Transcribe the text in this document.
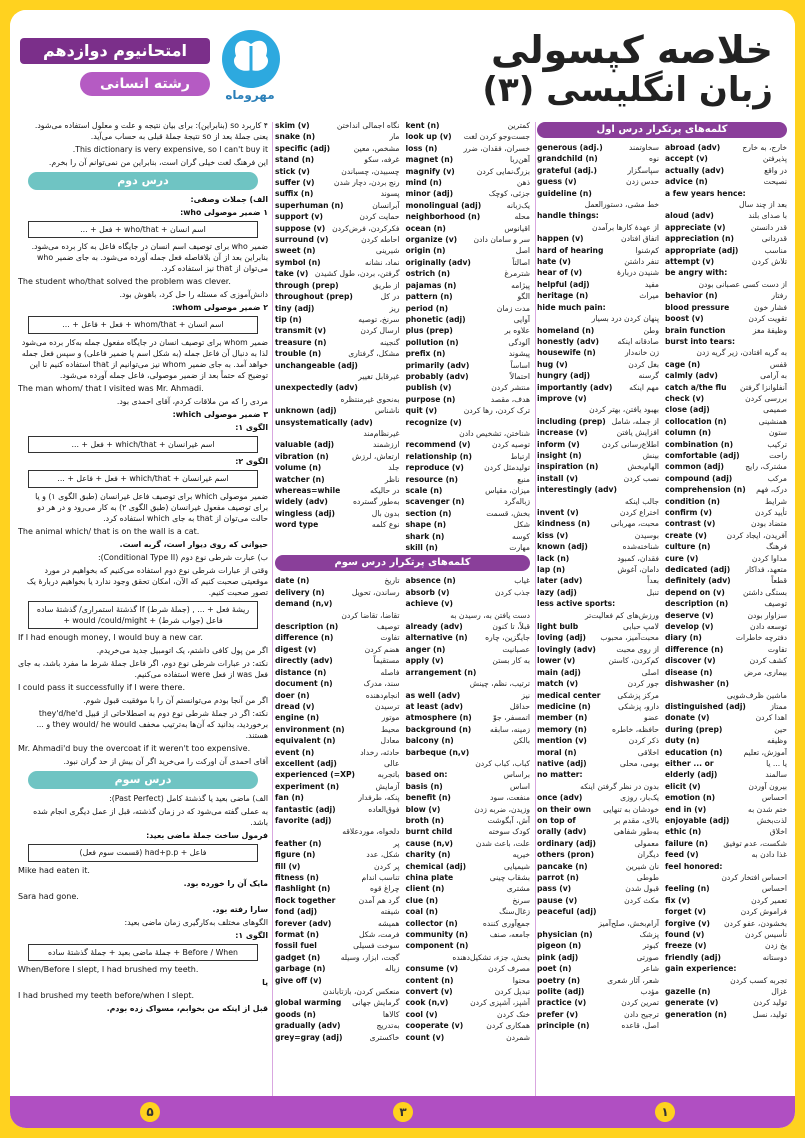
خلاصه کپسولی
زبان انگلیسی (۳)
امتحانیوم دوازدهم
رشته انسانی
مهروماه
کلمه‌های پرتکرار درس اول
abroad (adv)	خارج، به خارج
accept (v)	پذیرفتن
actually (adv)	در واقع
advice (n)	نصیحت
a few years hence:
بعد از چند سال
aloud (adv)	با صدای بلند
appreciate (v)	قدر دانستن
appreciation (n)	قدردانی
appropriate (adj)	مناسب
attempt (v)	تلاش کردن
be angry with:
از دست کسی عصبانی بودن
behavior (n)	رفتار
blood pressure	فشار خون
boost (v)	تقویت کردن
brain function	وظیفهٔ مغز
burst into tears:
به گریه افتادن، زیر گریه زدن
cage (n)	قفس
calmly (adv)	به آرامی
catch a/the flu آنفلوانزا گرفتن
check (v)	بررسی کردن
close (adj)	صمیمی
collocation (n)	همنشینی
column (n)	ستون
combination (n)	ترکیب
comfortable (adj)	راحت
common (adj)	مشترک، رایج
compound (adj)	مرکب
comprehension (n) درک، فهم
condition (n)	شرایط
confirm (v)	تأیید کردن
contrast (v)	متضاد بودن
create (v)	آفریدن، ایجاد کردن
culture (n)	فرهنگ
cure (v)	مداوا کردن
dedicated (adj) متعهد، فداکار
definitely (adv)	قطعاً
depend on (v) بستگی داشتن
description (n)	توصیف
deserve (v)	سزاوار بودن
develop (v)	توسعه دادن
diary (n)	دفترچه خاطرات
difference (n)	تفاوت
discover (v)	کشف کردن
disease (n)	بیماری، مرض
dishwasher (n)
ماشین ظرف‌شویی
distinguished (adj)	ممتاز
donate (v)	اهدا کردن
during (prep)	حین
duty (n)	وظیفه
education (n)	آموزش، تعلیم
either ... or	یا ... یا
elderly (adj)	سالمند
elicit (v)	بیرون آوردن
emotion (n)	احساس
end in (v)	ختم شدن به
enjoyable (adj)	لذت‌بخش
ethic (n)	اخلاق
failure (n) شکست، عدم توفیق
feed (v)	غذا دادن به
feel honored:
احساس افتخار کردن
feeling (n)	احساس
fix (v)	تعمیر کردن
forget (v)	فراموش کردن
forgive (v) بخشودن، عفو کردن
found (v)	تأسیس کردن
freeze (v)	یخ زدن
friendly (adj)	دوستانه
gain experience:
تجربه کسب کردن
gazelle (n)	غزال
generate (v)	تولید کردن
generation (n)	تولید، نسل
generous (adj.)	سخاوتمند
grandchild (n)	نوه
grateful (adj.)	سپاسگزار
guess (v)	حدس زدن
guideline (n)
خط مشی، دستورالعمل
handle things:
از عهدهٔ کارها برآمدن
happen (v)	اتفاق افتادن
hard of hearing	کم‌شنوا
hate (v)	تنفر داشتن
hear of (v)	شنیدن دربارهٔ
helpful (adj)	مفید
heritage (n)	میراث
hide much pain:
پنهان کردن درد بسیار
homeland (n)	وطن
honestly (adv) صادقانه اینکه
housewife (n)	زن خانه‌دار
hug (v)	بغل کردن
hungry (adj)	گرسنه
importantly (adv) مهم اینکه
improve (v)
بهبود یافتن، بهتر کردن
including (prep) از جمله، شامل
increase (v)	افزایش یافتن
inform (v)	اطلاع‌رسانی کردن
insight (n)	بینش
inspiration (n)	الهام‌بخش
install (v)	نصب کردن
interestingly (adv)
جالب اینکه
invent (v)	اختراع کردن
kindness (n)	محبت، مهربانی
kiss (v)	بوسیدن
known (adj)	شناخته‌شده
lack (n)	فقدان، کمبود
lap (n)	دامان، آغوش
later (adv)	بعداً
lazy (adj)	تنبل
less active sports:
ورزش‌های کم فعالیت‌تر
light bulb	لامپ حبابی
loving (adj) محبت‌آمیز، محبوب
lovingly (adv)	از روی محبت
lower (v)	کم‌کردن، کاستن
main (adj)	اصلی
match (v)	جور کردن
medical center مرکز پزشکی
medicine (n)	دارو، پزشکی
member (n)	عضو
memory (n)	حافظه، خاطره
mention (v)	ذکر کردن
moral (n)	اخلاقی
native (adj)	بومی، محلی
no matter:
بدون در نظر گرفتن اینکه
once (adv)	یک‌بار، روزی
on their own خودشان به تنهایی
on top of	بالای، مقدم بر
orally (adv)	به‌طور شفاهی
ordinary (adj)	معمولی
others (pron)	دیگران
pancake (n)	نان شیرین
parrot (n)	طوطی
pass (v)	قبول شدن
pause (v)	مکث کردن
peaceful (adj)
آرام‌بخش، صلح‌آمیز
physician (n)	پزشک
pigeon (n)	کبوتر
pink (adj)	صورتی
poet (n)	شاعر
poetry (n)	شعر، آثار شعری
polite (adj)	مؤدب
practice (v)	تمرین کردن
prefer (v)	ترجیح دادن
principle (n)	اصل، قاعده
kent (n)	کمترین
look up (v) جست‌وجو کردن لغت
loss (n)	خسران، فقدان، ضرر
magnet (n)	آهن‌ربا
magnify (v)	بزرگ‌نمایی کردن
mind (n)	ذهن
minor (adj)	جزئی، کوچک
monolingual (adj)	یک‌زبانه
neighborhood (n)	محله
ocean (n)	اقیانوس
organize (v) سر و سامان دادن
origin (n)	اصل
originally (adv)	اصالتاً
ostrich (n)	شترمرغ
pajamas (n)	پیژامه
pattern (n)	الگو
period (n)	مدت زمان
phonetic (adj)	آوایی
plus (prep)	علاوه بر
pollution (n)	آلودگی
prefix (n)	پیشوند
primarily (adv)	اساساً
probably (adv)	احتمالاً
publish (v)	منتشر کردن
purpose (n)	هدف، مقصد
quit (v)	ترک کردن، رها کردن
recognize (v)
شناختن، تشخیص دادن
recommend (v)	توصیه کردن
relationship (n)	ارتباط
reproduce (v)	تولیدمثل کردن
resource (n)	منبع
scale (n)	میزان، مقیاس
scavenger (n)	زباله‌گرد
section (n)	بخش، قسمت
shape (n)	شکل
shark (n)	کوسه
skill (n)	مهارت
skim (v)	نگاه اجمالی انداختن
snake (n)	مار
specific (adj)	مشخص، معین
stand (n)	غرفه، سکو
stick (v)	چسبیدن، چسباندن
suffer (v)	رنج بردن، دچار شدن
suffix (n)	پسوند
superhuman (n)	آبرانسان
support (v)	حمایت کردن
suppose (v) فکرکردن، فرض‌کردن
surround (v)	احاطه کردن
sweet (n)	شیرینی
symbol (n)	نماد، نشانه
take (v) گرفتن، بردن، طول کشیدن
through (prep)	از طریق
throughout (prep)	در کل
tiny (adj)	ریز
tip (n)	سرنخ، توصیه
transmit (v)	ارسال کردن
treasure (n)	گنجینه
trouble (n)	مشکل، گرفتاری
unchangeable (adj)
غیرقابل تغییر
unexpectedly (adv)
به‌نحوی غیرمنتظره
unknown (adj)	ناشناس
unsystematically (adv)
غیرنظام‌مند
valuable (adj)	ارزشمند
vibration (n)	ارتعاش، لرزش
volume (n)	جلد
watcher (n)	ناظر
whereas=while	در حالیکه
widely (adv)	به‌طور گسترده
wingless (adj)	بدون بال
word type	نوع کلمه
کلمه‌های پرتکرار درس سوم
absence (n)	غیاب
absorb (v)	جذب کردن
achieve (v)
دست یافتن به، رسیدن به
already (adv)	قبلاً، تا کنون
alternative (n) جایگزین، چاره
anger (n)	عصبانیت
apply (v)	به کار بستن
arrangement (n)
ترتیب، نظم، چینش
as well (adv)	نیز
at least (adv)	حداقل
atmosphere (n)	اتمسفر، جوّ
background (n) زمینه، سابقه
balcony (n)	بالکن
barbeque (n,v)
کباب، کباب کردن
based on:	براساس
basis (n)	اساس
benefit (n)	منفعت، سود
blow (v)	وزیدن، ضربه زدن
broth (n)	آش، آبگوشت
burnt child	کودک سوخته
cause (n,v)	علت، باعث شدن
charity (n)	خیریه
chemical (adj)	شیمیایی
china plate	بشقاب چینی
client (n)	مشتری
clue (n)	سرنخ
coal (n)	زغال‌سنگ
collector (n)	جمع‌آوری کننده
community (n)	جامعه، صنف
component (n)
بخش، جزء، تشکیل‌دهنده
consume (v)	مصرف کردن
content (n)	محتوا
convert (v)	تبدیل کردن
cook (n,v)	آشپز، آشپزی کردن
cool (v)	خنک کردن
cooperate (v)	همکاری کردن
count (v)	شمردن
date (n)	تاریخ
delivery (n)	رساندن، تحویل
demand (n,v)
تقاضا، تقاضا کردن
description (n)	توصیف
difference (n)	تفاوت
digest (v)	هضم کردن
directly (adv)	مستقیماً
distance (n)	فاصله
document (n)	سند، مدرک
doer (n)	انجام‌دهنده
dread (v)	ترسیدن
engine (n)	موتور
environment (n)	محیط
equivalent (n)	معادل
event (n)	حادثه، رخداد
excellent (adj)	عالی
experienced (=XP)	باتجربه
experiment (n)	آزمایش
fan (n)	پنکه، طرفدار
fantastic (adj)	فوق‌العاده
favorite (adj)
دلخواه، موردعلاقه
feather (n)	پر
figure (n)	شکل، عدد
fill (v)	پر کردن
fitness (n)	تناسب اندام
flashlight (n)	چراغ قوه
flock together	گرد هم آمدن
fond (adj)	شیفته
forever (adv)	همیشه
format (n)	فرمت، شکل
fossil fuel	سوخت فسیلی
gadget (n)	گجت، ابزار، وسیله
garbage (n)	زباله
give off (v)
منعکس کردن، بازتاباندن
global warming گرمایش جهانی
goods (n)	کالاها
gradually (adv)	به‌تدریج
grey=gray (adj)	خاکستری
۴ کاربرد so (بنابراین): برای بیان نتیجه و علت و معلول استفاده می‌شود. یعنی جملهٔ بعد از so نتیجهٔ جملهٔ قبلی به حساب می‌آید.
This dictionary is very expensive, so I can't buy it.
این فرهنگ لغت خیلی گران است، بنابراین من نمی‌توانم آن را بخرم.
درس دوم
الف) جملات وصفی:
۱ ضمیر موصولی who:
... + فعل + who/that + اسم انسان
ضمیر who برای توصیف اسم انسان در جایگاه فاعل به کار برده می‌شود. بنابراین بعد از آن بلافاصله فعل جمله آورده می‌شود. به جای ضمیر who می‌توان از that نیز استفاده کرد.
The student who/that solved the problem was clever.
دانش‌آموزی که مسئله را حل کرد، باهوش بود.
۲ ضمیر موصولی whom:
... + فعل + فاعل + whom/that + اسم انسان
ضمیر whom برای توصیف انسان در جایگاه مفعول جمله به‌کار برده می‌شود لذا به دنبال آن فاعل جمله (به شکل اسم یا ضمیر فاعلی) و سپس فعل جمله خواهد آمد. به جای ضمیر whom نیز می‌توانیم از that استفاده کنیم تا این توضیح که حتماً بعد از ضمیر موصولی، فاعل جمله آورده می‌شود.
The man whom/ that I visited was Mr. Ahmadi.
مردی را که من ملاقات کردم، آقای احمدی بود.
۳ ضمیر موصولی which:
الگوی ۱:
... + فعل + which/that + اسم غیرانسان
الگوی ۲:
... + فعل + فاعل + which/that + اسم غیرانسان
ضمیر موصولی which برای توصیف فاعل غیرانسان (طبق الگوی ۱) و یا برای توصیف مفعول غیرانسان (طبق الگوی ۲) به کار می‌رود و در هر دو حالت می‌توان از that به جای which استفاده کرد.
The animal which/ that is on the wall is a cat.
حیوانی که روی دیوار است، گربه است.
ب) عبارت شرطی نوع دوم (Conditional Type II):
وقتی از عبارات شرطی نوع دوم استفاده می‌کنیم که بخواهیم در مورد موقعیتی صحبت کنیم که الآن، امکان تحقق وجود ندارد یا بخواهیم دربارهٔ یک تصور صحبت کنیم.
گذشتهٔ استمراری/ گذشتهٔ ساده If (جملهٔ شرط) , ... + ریشهٔ فعل + would /could/might + فاعل (جواب شرط)
If I had enough money, I would buy a new car.
اگر من پول کافی داشتم، یک اتومبیل جدید می‌خریدم.
نکته: در عبارات شرطی نوع دوم، اگر فاعل جملهٔ شرط ما مفرد باشد، به جای فعل was از فعل were استفاده می‌کنیم.
I could pass it successfully if I were there.
اگر من آنجا بودم می‌توانستم آن را با موفقیت قبول شوم.
نکته: اگر در جملهٔ شرطی نوع دوم به اصطلاحاتی از قبیل they'd/he'd برخوردید، بدانید که آن‌ها به‌ترتیب مخفف they would/ he would و ... هستند.
Mr. Ahmadi'd buy the overcoat if it weren't too expensive.
آقای احمدی آن اورکت را می‌خرید اگر آن بیش از حد گران نبود.
درس سوم
الف) ماضی بعید یا گذشتهٔ کامل (Past Perfect):
به عملی گفته می‌شود که در زمان گذشته، قبل از عمل دیگری انجام شده باشد.
فرمول ساخت جملهٔ ماضی بعید:
(قسمت سوم فعل) had+p.p + فاعل
Mike had eaten it.
مایک آن را خورده بود.
Sara had gone.
سارا رفته بود.
الگوهای مختلف به‌کارگیری زمان ماضی بعید:
الگوی ۱:
جملهٔ ماضی بعید + جملهٔ گذشتهٔ ساده + Before / When
When/Before I slept, I had brushed my teeth.
یا
I had brushed my teeth before/when I slept.
قبل از اینکه من بخوابم، مسواک زده بودم.
۱
۳
۵
